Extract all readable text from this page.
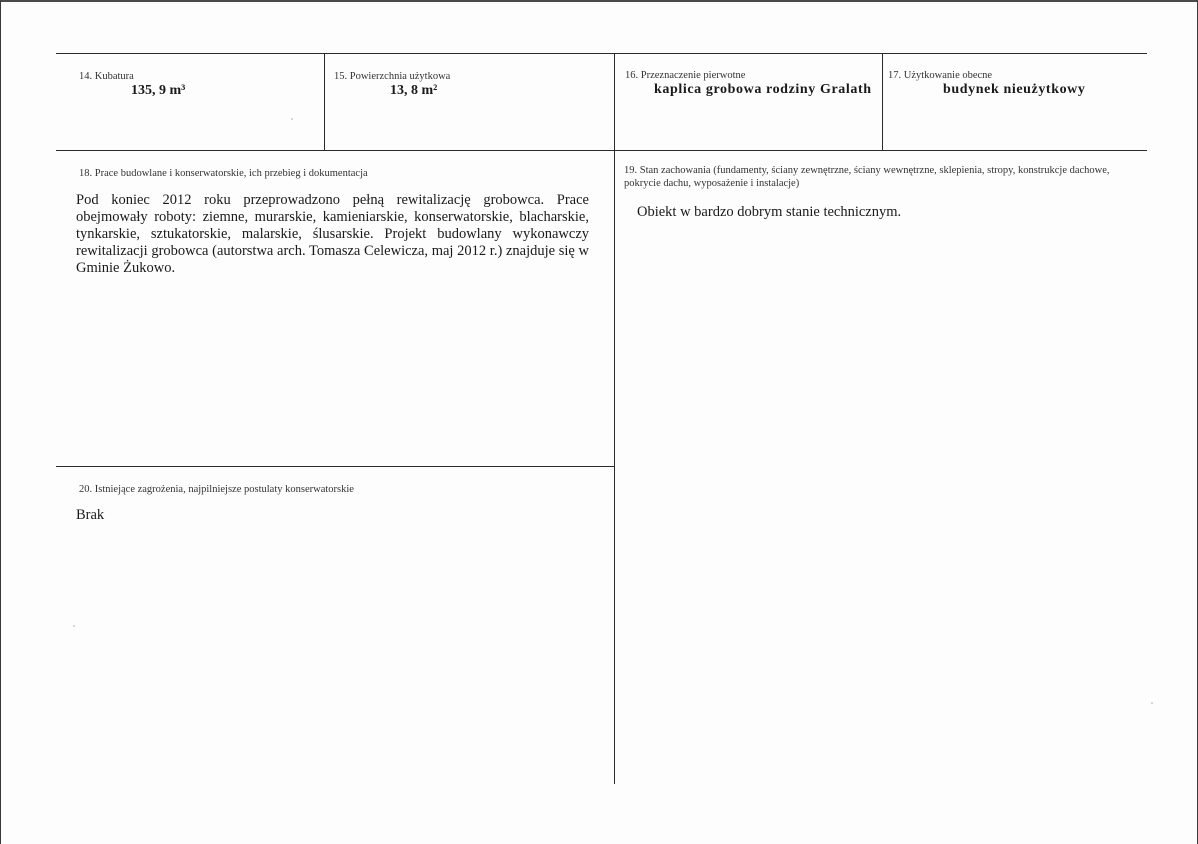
14. Kubatura
135, 9 m³
15. Powierzchnia użytkowa
13, 8 m²
16. Przeznaczenie pierwotne
kaplica grobowa rodziny Gralath
17. Użytkowanie obecne
budynek nieużytkowy
18. Prace budowlane i konserwatorskie, ich przebieg i dokumentacja
Pod koniec 2012 roku przeprowadzono pełną rewitalizację grobowca. Prace obejmowały roboty: ziemne, murarskie, kamieniarskie, konserwatorskie, blacharskie, tynkarskie, sztukatorskie, malarskie, ślusarskie. Projekt budowlany wykonawczy rewitalizacji grobowca (autorstwa arch. Tomasza Celewicza, maj 2012 r.) znajduje się w Gminie Żukowo.
19. Stan zachowania (fundamenty, ściany zewnętrzne, ściany wewnętrzne, sklepienia, stropy, konstrukcje dachowe, pokrycie dachu, wyposażenie i instalacje)
Obiekt w bardzo dobrym stanie technicznym.
20. Istniejące zagrożenia, najpilniejsze postulaty konserwatorskie
Brak
